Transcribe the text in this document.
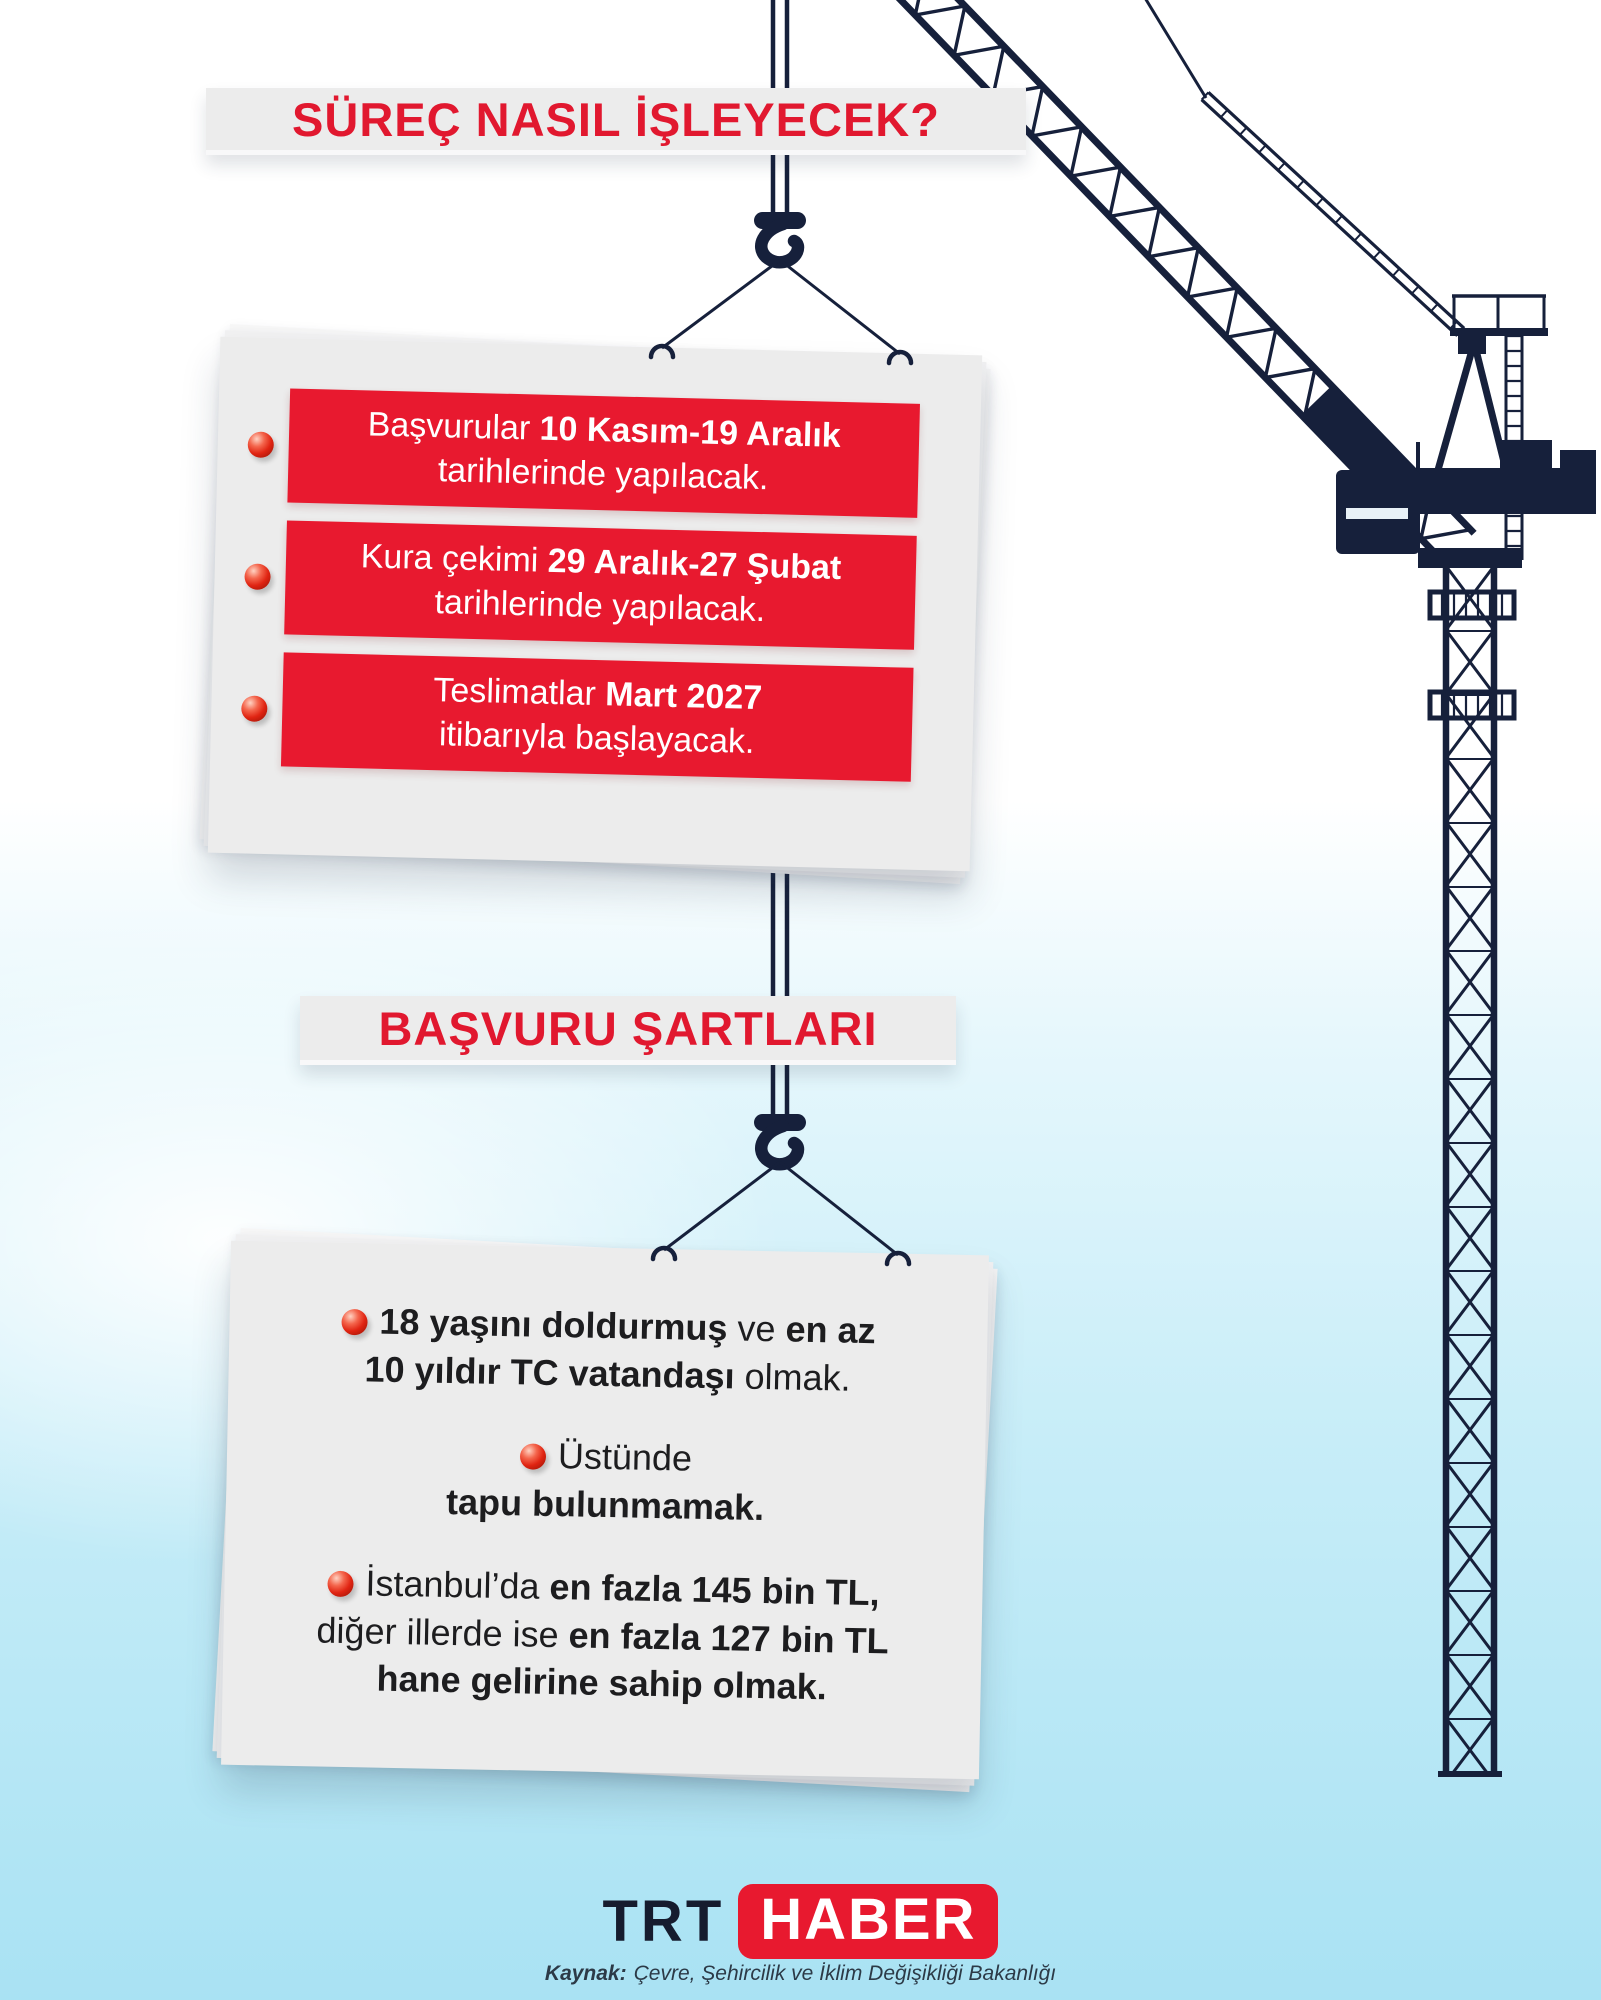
SÜREÇ NASIL İŞLEYECEK?
BAŞVURU ŞARTLARI
Başvurular 10 Kasım-19 Aralık
tarihlerinde yapılacak.
Kura çekimi 29 Aralık-27 Şubat
tarihlerinde yapılacak.
Teslimatlar Mart 2027
itibarıyla başlayacak.
18 yaşını doldurmuş ve en az
10 yıldır TC vatandaşı olmak.
Üstünde
tapu bulunmamak.
İstanbul’da en fazla 145 bin TL,
diğer illerde ise en fazla 127 bin TL
hane gelirine sahip olmak.
TRT HABER
Kaynak: Çevre, Şehircilik ve İklim Değişikliği Bakanlığı
